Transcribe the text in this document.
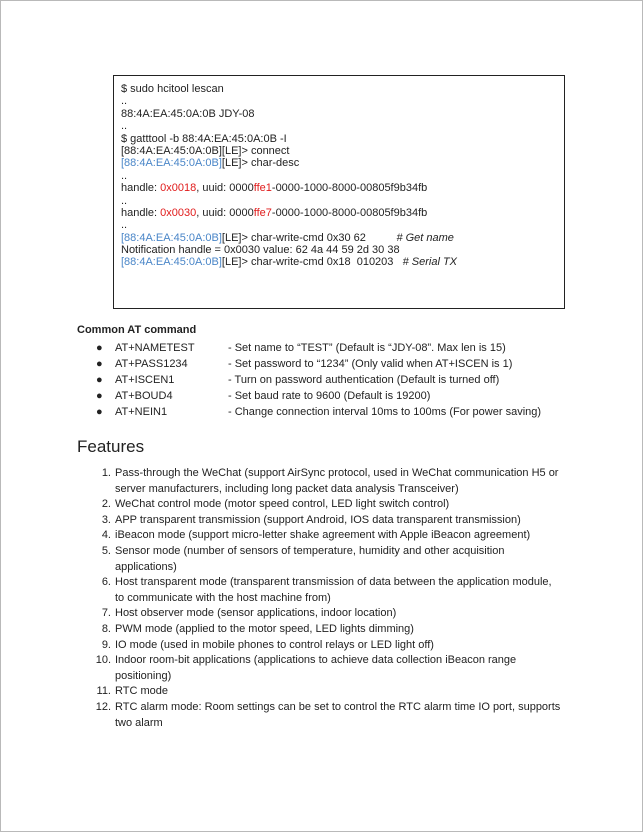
$ sudo hcitool lescan
..
88:4A:EA:45:0A:0B JDY-08
..
$ gatttool -b 88:4A:EA:45:0A:0B -I
[88:4A:EA:45:0A:0B][LE]> connect
[88:4A:EA:45:0A:0B][LE]> char-desc
..
handle: 0x0018, uuid: 0000ffe1-0000-1000-8000-00805f9b34fb
..
handle: 0x0030, uuid: 0000ffe7-0000-1000-8000-00805f9b34fb
..
[88:4A:EA:45:0A:0B][LE]> char-write-cmd 0x30 62          # Get name
Notification handle = 0x0030 value: 62 4a 44 59 2d 30 38
[88:4A:EA:45:0A:0B][LE]> char-write-cmd 0x18  010203   # Serial TX
Common AT command
● AT+NAMETEST	- Set name to “TEST” (Default is “JDY-08”. Max len is 15)
● AT+PASS1234	- Set password to “1234” (Only valid when AT+ISCEN is 1)
● AT+ISCEN1	- Turn on password authentication (Default is turned off)
● AT+BOUD4	- Set baud rate to 9600 (Default is 19200)
● AT+NEIN1	- Change connection interval 10ms to 100ms (For power saving)
Features
1. Pass-through the WeChat (support AirSync protocol, used in WeChat communication H5 or server manufacturers, including long packet data analysis Transceiver)
2. WeChat control mode (motor speed control, LED light switch control)
3. APP transparent transmission (support Android, IOS data transparent transmission)
4. iBeacon mode (support micro-letter shake agreement with Apple iBeacon agreement)
5. Sensor mode (number of sensors of temperature, humidity and other acquisition applications)
6. Host transparent mode (transparent transmission of data between the application module, to communicate with the host machine from)
7. Host observer mode (sensor applications, indoor location)
8. PWM mode (applied to the motor speed, LED lights dimming)
9. IO mode (used in mobile phones to control relays or LED light off)
10. Indoor room-bit applications (applications to achieve data collection iBeacon range positioning)
11. RTC mode
12. RTC alarm mode: Room settings can be set to control the RTC alarm time IO port, supports two alarm
